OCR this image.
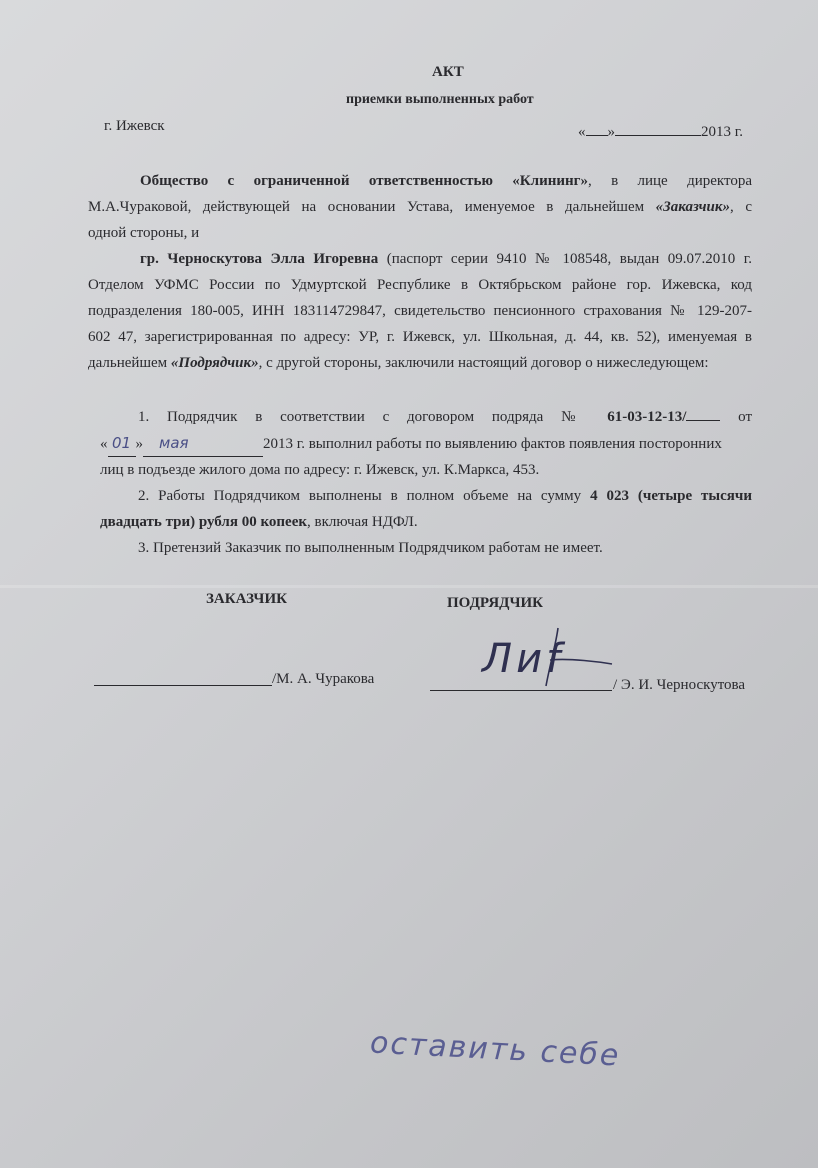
АКТ
приемки выполненных работ
г. Ижевск	« »	2013 г.
Общество с ограниченной ответственностью «Клининг», в лице директора
М.А.Чураковой, действующей на основании Устава, именуемое в дальнейшем «Заказчик», с
одной стороны, и
гр. Черноскутова Элла Игоревна (паспорт серии 9410 № 108548, выдан 09.07.2010 г.
Отделом УФМС России по Удмуртской Республике в Октябрьском районе гор. Ижевска, код
подразделения 180-005, ИНН 183114729847, свидетельство пенсионного страхования № 129-207-
602 47, зарегистрированная по адресу: УР, г. Ижевск, ул. Школьная, д. 44, кв. 52), именуемая в
дальнейшем «Подрядчик», с другой стороны, заключили настоящий договор о нижеследующем:
1. Подрядчик в соответствии с договором подряда № 61-03-12-13/	от
« 01 » мая	2013 г. выполнил работы по выявлению фактов появления посторонних
лиц в подъезде жилого дома по адресу: г. Ижевск, ул. К.Маркса, 453.
2. Работы Подрядчиком выполнены в полном объеме на сумму 4 023 (четыре тысячи
двадцать три) рубля 00 копеек, включая НДФЛ.
3. Претензий Заказчик по выполненным Подрядчиком работам не имеет.
ЗАКАЗЧИК	ПОДРЯДЧИК
/М. А. Чуракова	Лиf
/ Э. И. Черноскутова
оставить себе
